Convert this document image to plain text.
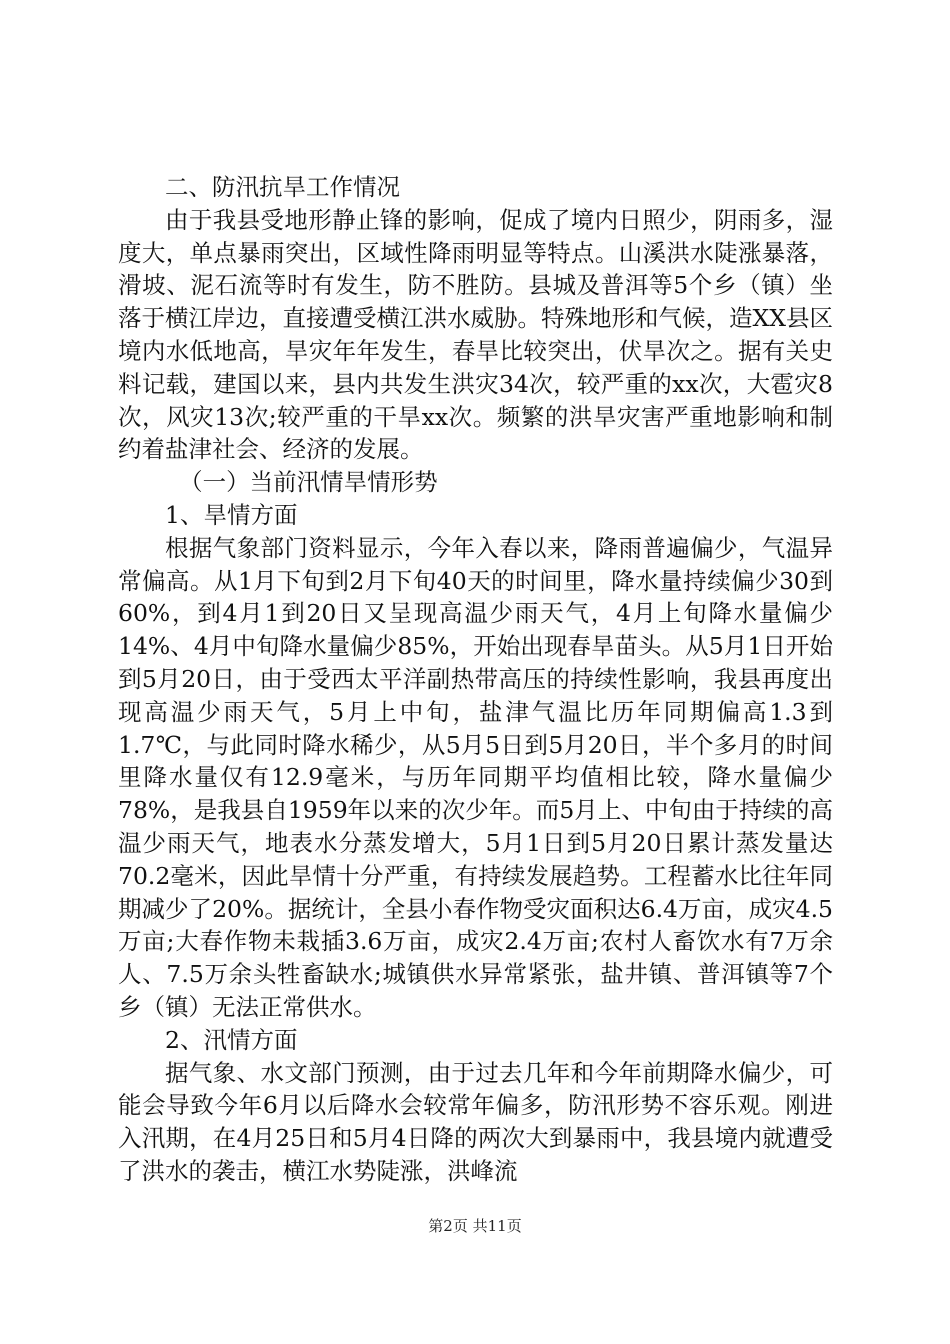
二、防汛抗旱工作情况

由于我县受地形静止锋的影响，促成了境内日照少，阴雨多，湿度大，单点暴雨突出，区域性降雨明显等特点。山溪洪水陡涨暴落，滑坡、泥石流等时有发生，防不胜防。县城及普洱等5个乡（镇）坐落于横江岸边，直接遭受横江洪水威胁。特殊地形和气候，造XX县区境内水低地高，旱灾年年发生，春旱比较突出，伏旱次之。据有关史料记载，建国以来，县内共发生洪灾34次，较严重的xx次，大雹灾8次，风灾13次;较严重的干旱xx次。频繁的洪旱灾害严重地影响和制约着盐津社会、经济的发展。

（一）当前汛情旱情形势

1、旱情方面

根据气象部门资料显示，今年入春以来，降雨普遍偏少，气温异常偏高。从1月下旬到2月下旬40天的时间里，降水量持续偏少30到60%，到4月1到20日又呈现高温少雨天气，4月上旬降水量偏少14%、4月中旬降水量偏少85%，开始出现春旱苗头。从5月1日开始到5月20日，由于受西太平洋副热带高压的持续性影响，我县再度出现高温少雨天气，5月上中旬，盐津气温比历年同期偏高1.3到1.7℃，与此同时降水稀少，从5月5日到5月20日，半个多月的时间里降水量仅有12.9毫米，与历年同期平均值相比较，降水量偏少78%，是我县自1959年以来的次少年。而5月上、中旬由于持续的高温少雨天气，地表水分蒸发增大，5月1日到5月20日累计蒸发量达70.2毫米，因此旱情十分严重，有持续发展趋势。工程蓄水比往年同期减少了20%。据统计，全县小春作物受灾面积达6.4万亩，成灾4.5万亩;大春作物未栽插3.6万亩，成灾2.4万亩;农村人畜饮水有7万余人、7.5万余头牲畜缺水;城镇供水异常紧张，盐井镇、普洱镇等7个乡（镇）无法正常供水。

2、汛情方面

据气象、水文部门预测，由于过去几年和今年前期降水偏少，可能会导致今年6月以后降水会较常年偏多，防汛形势不容乐观。刚进入汛期，在4月25日和5月4日降的两次大到暴雨中，我县境内就遭受了洪水的袭击，横江水势陡涨，洪峰流

第2页 共11页
